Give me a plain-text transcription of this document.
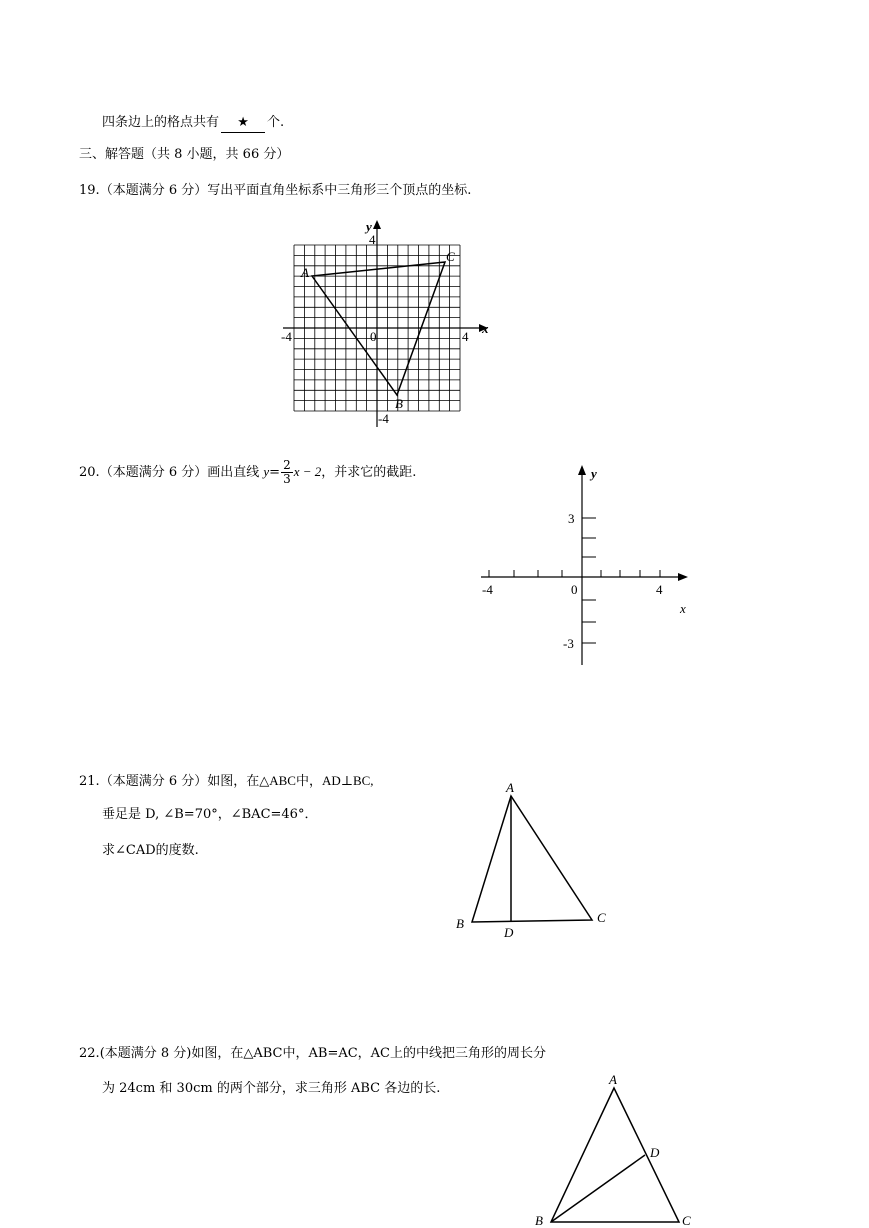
四条边上的格点共有 ★ 个.
三、解答题（共 8 小题，共 66 分）
19.（本题满分 6 分）写出平面直角坐标系中三角形三个顶点的坐标.
y
4
x
-4	0	4
-4
A
C
B
20.（本题满分 6 分）画出直线 $y= \frac{2}{3}$ x − 2，并求它的截距.	y
3
-3
-4	0	4
x
21.（本题满分 6 分）如图，在△ABC中，AD⊥BC,
垂足是 D, ∠B=70°，∠BAC=46°．
求∠CAD的度数.
A
B	C
D
22.(本题满分 8 分)如图，在△ABC中，AB=AC，AC上的中线把三角形的周长分
为 24cm 和 30cm 的两个部分，求三角形 ABC 各边的长.
A
D
B	C
